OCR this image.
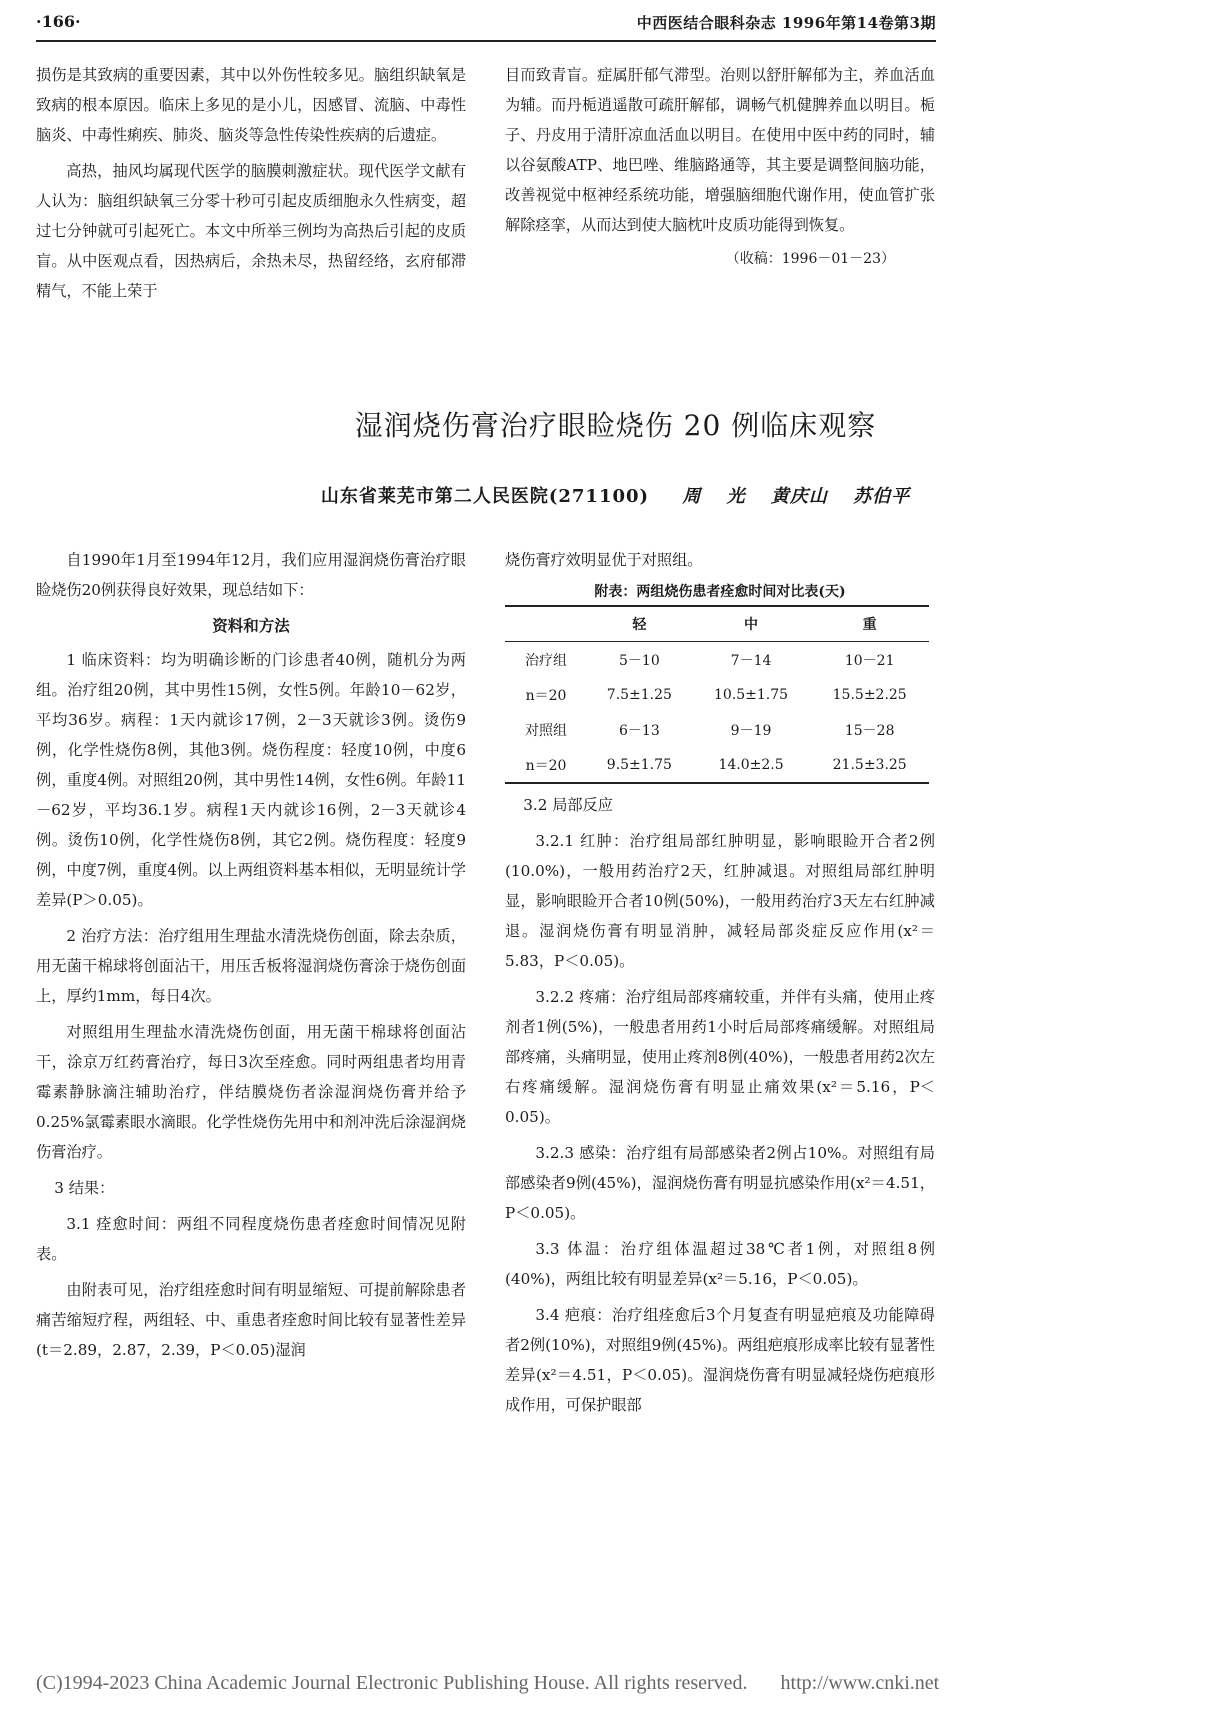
·166·	中西医结合眼科杂志 1996年第14卷第3期

损伤是其致病的重要因素，其中以外伤性较多见。脑组织缺氧是致病的根本原因。临床上多见的是小儿，因感冒、流脑、中毒性脑炎、中毒性痢疾、肺炎、脑炎等急性传染性疾病的后遗症。

高热，抽风均属现代医学的脑膜刺激症状。现代医学文献有人认为：脑组织缺氧三分零十秒可引起皮质细胞永久性病变，超过七分钟就可引起死亡。本文中所举三例均为高热后引起的皮质盲。从中医观点看，因热病后，余热未尽，热留经络，玄府郁滞精气，不能上荣于

目而致青盲。症属肝郁气滞型。治则以舒肝解郁为主，养血活血为辅。而丹栀逍遥散可疏肝解郁，调畅气机健脾养血以明目。栀子、丹皮用于清肝凉血活血以明目。在使用中医中药的同时，辅以谷氨酸ATP、地巴唑、维脑路通等，其主要是调整间脑功能，改善视觉中枢神经系统功能，增强脑细胞代谢作用，使血管扩张解除痉挛，从而达到使大脑枕叶皮质功能得到恢复。

（收稿：1996－01－23）
湿润烧伤膏治疗眼睑烧伤 20 例临床观察
山东省莱芜市第二人民医院(271100) 周 光 黄庆山 苏伯平

自1990年1月至1994年12月，我们应用湿润烧伤膏治疗眼睑烧伤20例获得良好效果，现总结如下：

资料和方法

1 临床资料：均为明确诊断的门诊患者40例，随机分为两组。治疗组20例，其中男性15例，女性5例。年龄10－62岁，平均36岁。病程：1天内就诊17例，2－3天就诊3例。烫伤9例，化学性烧伤8例，其他3例。烧伤程度：轻度10例，中度6例，重度4例。对照组20例，其中男性14例，女性6例。年龄11－62岁，平均36.1岁。病程1天内就诊16例，2－3天就诊4例。烫伤10例，化学性烧伤8例，其它2例。烧伤程度：轻度9例，中度7例，重度4例。以上两组资料基本相似，无明显统计学差异(P＞0.05)。

2 治疗方法：治疗组用生理盐水清洗烧伤创面，除去杂质，用无菌干棉球将创面沾干，用压舌板将湿润烧伤膏涂于烧伤创面上，厚约1mm，每日4次。

对照组用生理盐水清洗烧伤创面，用无菌干棉球将创面沾干，涂京万红药膏治疗，每日3次至痊愈。同时两组患者均用青霉素静脉滴注辅助治疗，伴结膜烧伤者涂湿润烧伤膏并给予0.25%氯霉素眼水滴眼。化学性烧伤先用中和剂冲洗后涂湿润烧伤膏治疗。

3 结果：

3.1 痊愈时间：两组不同程度烧伤患者痊愈时间情况见附表。

由附表可见，治疗组痊愈时间有明显缩短、可提前解除患者痛苦缩短疗程，两组轻、中、重患者痊愈时间比较有显著性差异(t＝2.89，2.87，2.39，P＜0.05)湿润

烧伤膏疗效明显优于对照组。

附表：两组烧伤患者痊愈时间对比表(天)
	轻	中	重
治疗组	5－10	7－14	10－21
n＝20	7.5±1.25	10.5±1.75	15.5±2.25
对照组	6－13	9－19	15－28
n＝20	9.5±1.75	14.0±2.5	21.5±3.25

3.2 局部反应

3.2.1 红肿：治疗组局部红肿明显，影响眼睑开合者2例(10.0%)，一般用药治疗2天，红肿减退。对照组局部红肿明显，影响眼睑开合者10例(50%)，一般用药治疗3天左右红肿减退。湿润烧伤膏有明显消肿，减轻局部炎症反应作用(x²＝5.83，P＜0.05)。

3.2.2 疼痛：治疗组局部疼痛较重，并伴有头痛，使用止疼剂者1例(5%)，一般患者用药1小时后局部疼痛缓解。对照组局部疼痛，头痛明显，使用止疼剂8例(40%)，一般患者用药2次左右疼痛缓解。湿润烧伤膏有明显止痛效果(x²＝5.16，P＜0.05)。

3.2.3 感染：治疗组有局部感染者2例占10%。对照组有局部感染者9例(45%)，湿润烧伤膏有明显抗感染作用(x²＝4.51，P＜0.05)。

3.3 体温：治疗组体温超过38℃者1例，对照组8例(40%)，两组比较有明显差异(x²＝5.16，P＜0.05)。

3.4 疤痕：治疗组痊愈后3个月复查有明显疤痕及功能障碍者2例(10%)，对照组9例(45%)。两组疤痕形成率比较有显著性差异(x²＝4.51，P＜0.05)。湿润烧伤膏有明显减轻烧伤疤痕形成作用，可保护眼部

(C)1994-2023 China Academic Journal Electronic Publishing House. All rights reserved. http://www.cnki.net
